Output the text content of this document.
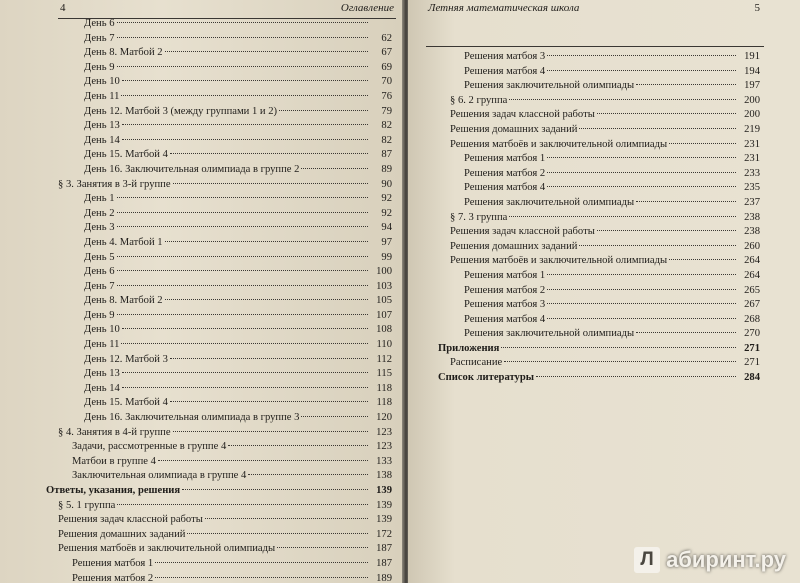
4	Оглавление
День 6
День 7	62
День 8. Матбой 2	67
День 9	69
День 10	70
День 11	76
День 12. Матбой 3 (между группами 1 и 2)	79
День 13	82
День 14	82
День 15. Матбой 4	87
День 16. Заключительная олимпиада в группе 2	89
§ 3. Занятия в 3-й группе	90
День 1	92
День 2	92
День 3	94
День 4. Матбой 1	97
День 5	99
День 6	100
День 7	103
День 8. Матбой 2	105
День 9	107
День 10	108
День 11	110
День 12. Матбой 3	112
День 13	115
День 14	118
День 15. Матбой 4	118
День 16. Заключительная олимпиада в группе 3	120
§ 4. Занятия в 4-й группе	123
Задачи, рассмотренные в группе 4	123
Матбои в группе 4	133
Заключительная олимпиада в группе 4	138
Ответы, указания, решения	139
§ 5. 1 группа	139
Решения задач классной работы	139
Решения домашних заданий	172
Решения матбоёв и заключительной олимпиады	187
Решения матбоя 1	187
Решения матбоя 2	189
Летняя математическая школа	5
Решения матбоя 3	191
Решения матбоя 4	194
Решения заключительной олимпиады	197
§ 6. 2 группа	200
Решения задач классной работы	200
Решения домашних заданий	219
Решения матбоёв и заключительной олимпиады	231
Решения матбоя 1	231
Решения матбоя 2	233
Решения матбоя 4	235
Решения заключительной олимпиады	237
§ 7. 3 группа	238
Решения задач классной работы	238
Решения домашних заданий	260
Решения матбоёв и заключительной олимпиады	264
Решения матбоя 1	264
Решения матбоя 2	265
Решения матбоя 3	267
Решения матбоя 4	268
Решения заключительной олимпиады	270
Приложения	271
Расписание	271
Список литературы	284
Л абиринт.ру
